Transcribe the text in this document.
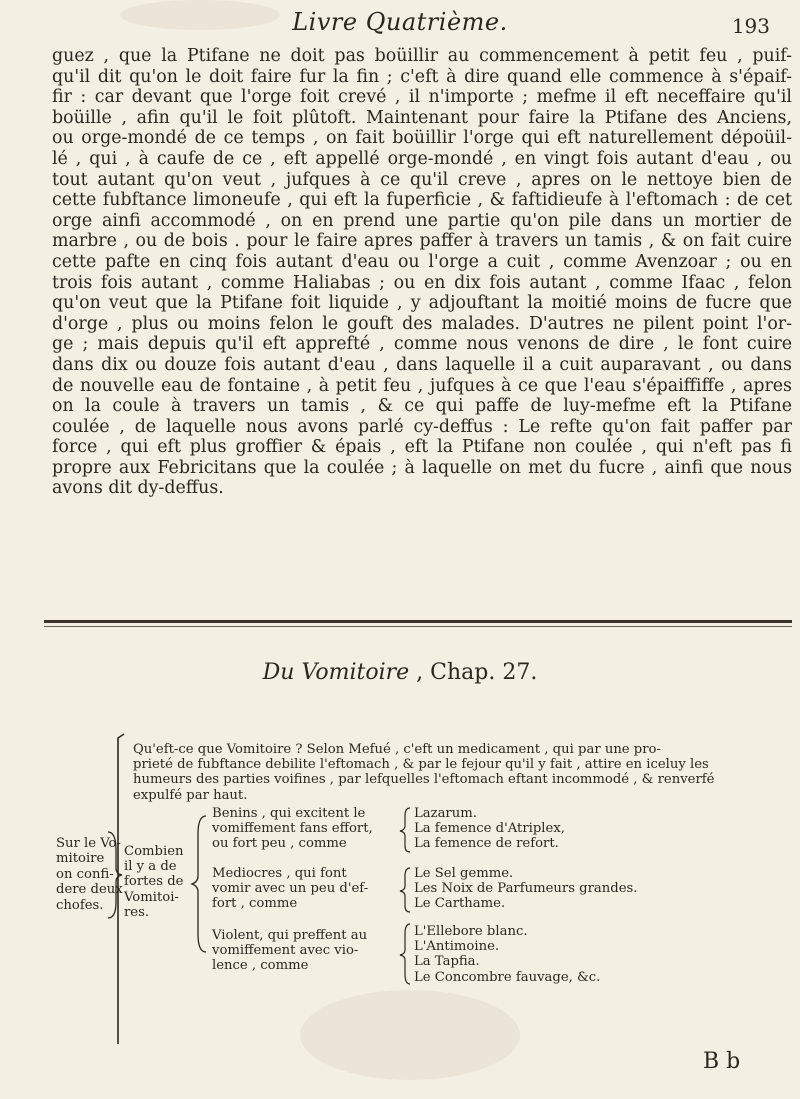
Livre Quatrième.	193
guez , que la Ptifane ne doit pas boüillir au commencement à petit feu , puif-
qu'il dit qu'on le doit faire fur la fin ; c'eft à dire quand elle commence à s'épaif-
fir : car devant que l'orge foit crevé , il n'importe ; mefme il eft neceffaire qu'il
boüille , afin qu'il le foit plûtoft. Maintenant pour faire la Ptifane des Anciens,
ou orge-mondé de ce temps , on fait boüillir l'orge qui eft naturellement dépoüil-
lé , qui , à caufe de ce , eft appellé orge-mondé , en vingt fois autant d'eau , ou
tout autant qu'on veut , jufques à ce qu'il creve , apres on le nettoye bien de
cette fubftance limoneufe , qui eft la fuperficie , & faftidieufe à l'eftomach : de cet
orge ainfi accommodé , on en prend une partie qu'on pile dans un mortier de
marbre , ou de bois . pour le faire apres paffer à travers un tamis , & on fait cuire
cette pafte en cinq fois autant d'eau ou l'orge a cuit , comme Avenzoar ; ou en
trois fois autant , comme Haliabas ; ou en dix fois autant , comme Ifaac , felon
qu'on veut que la Ptifane foit liquide , y adjouftant la moitié moins de fucre que
d'orge , plus ou moins felon le gouft des malades. D'autres ne pilent point l'or-
ge ; mais depuis qu'il eft apprefté , comme nous venons de dire , le font cuire
dans dix ou douze fois autant d'eau , dans laquelle il a cuit auparavant , ou dans
de nouvelle eau de fontaine , à petit feu , jufques à ce que l'eau s'épaiffiffe , apres
on la coule à travers un tamis , & ce qui paffe de luy-mefme eft la Ptifane
coulée , de laquelle nous avons parlé cy-deffus : Le refte qu'on fait paffer par
force , qui eft plus groffier & épais , eft la Ptifane non coulée , qui n'eft pas fi
propre aux Febricitans que la coulée ; à laquelle on met du fucre , ainfi que nous
avons dit dy-deffus.
Du Vomitoire , Chap. 27.
Qu'eft-ce que Vomitoire ? Selon Mefué , c'eft un medicament , qui par une pro-
prieté de fubftance debilite l'eftomach , & par le fejour qu'il y fait , attire en iceluy les
humeurs des parties voifines , par lefquelles l'eftomach eftant incommodé , & renverfé
expulfé par haut.
Sur le Vo-
mitoire
on confi-
dere deux
chofes.
Combien
il y a de
fortes de
Vomitoi-
res.
Benins , qui excitent le
vomiffement fans effort,
ou fort peu , comme
Lazarum.
La femence d'Atriplex,
La femence de refort.
Mediocres , qui font
vomir avec un peu d'ef-
fort , comme
Le Sel gemme.
Les Noix de Parfumeurs grandes.
Le Carthame.
Violent, qui preffent au
vomiffement avec vio-
lence , comme
L'Ellebore blanc.
L'Antimoine.
La Tapfia.
Le Concombre fauvage, &c.
B b
